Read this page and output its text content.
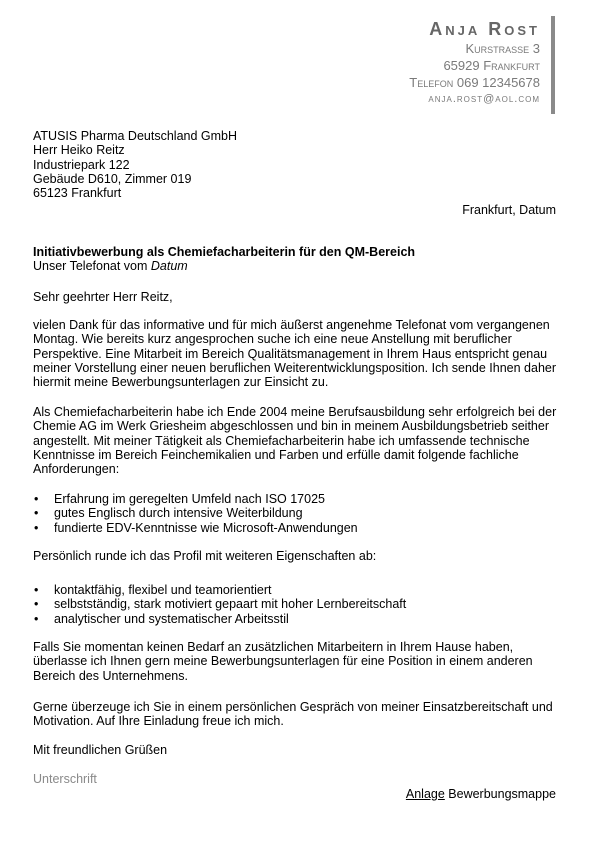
Anja Rost

Kurstrasse 3

65929 Frankfurt

Telefon 069 12345678

anja.rost@aol.com

ATUSIS Pharma Deutschland GmbH
Herr Heiko Reitz
Industriepark 122
Gebäude D610, Zimmer 019
65123 Frankfurt
Frankfurt, Datum
Initiativbewerbung als Chemiefacharbeiterin für den QM-Bereich
Unser Telefonat vom Datum
Sehr geehrter Herr Reitz,
vielen Dank für das informative und für mich äußerst angenehme Telefonat vom vergangenen Montag. Wie bereits kurz angesprochen suche ich eine neue Anstellung mit beruflicher Perspektive. Eine Mitarbeit im Bereich Qualitätsmanagement in Ihrem Haus entspricht genau meiner Vorstellung einer neuen beruflichen Weiterentwicklungsposition. Ich sende Ihnen daher hiermit meine Bewerbungsunterlagen zur Einsicht zu.
Als Chemiefacharbeiterin habe ich Ende 2004 meine Berufsausbildung sehr erfolgreich bei der Chemie AG im Werk Griesheim abgeschlossen und bin in meinem Ausbildungsbetrieb seither angestellt. Mit meiner Tätigkeit als Chemiefacharbeiterin habe ich umfassende technische Kenntnisse im Bereich Feinchemikalien und Farben und erfülle damit folgende fachliche Anforderungen:
• Erfahrung im geregelten Umfeld nach ISO 17025
• gutes Englisch durch intensive Weiterbildung
• fundierte EDV-Kenntnisse wie Microsoft-Anwendungen
Persönlich runde ich das Profil mit weiteren Eigenschaften ab:
• kontaktfähig, flexibel und teamorientiert
• selbstständig, stark motiviert gepaart mit hoher Lernbereitschaft
• analytischer und systematischer Arbeitsstil
Falls Sie momentan keinen Bedarf an zusätzlichen Mitarbeitern in Ihrem Hause haben, überlasse ich Ihnen gern meine Bewerbungsunterlagen für eine Position in einem anderen Bereich des Unternehmens.
Gerne überzeuge ich Sie in einem persönlichen Gespräch von meiner Einsatzbereitschaft und Motivation. Auf Ihre Einladung freue ich mich.
Mit freundlichen Grüßen
Unterschrift
Anlage Bewerbungsmappe
